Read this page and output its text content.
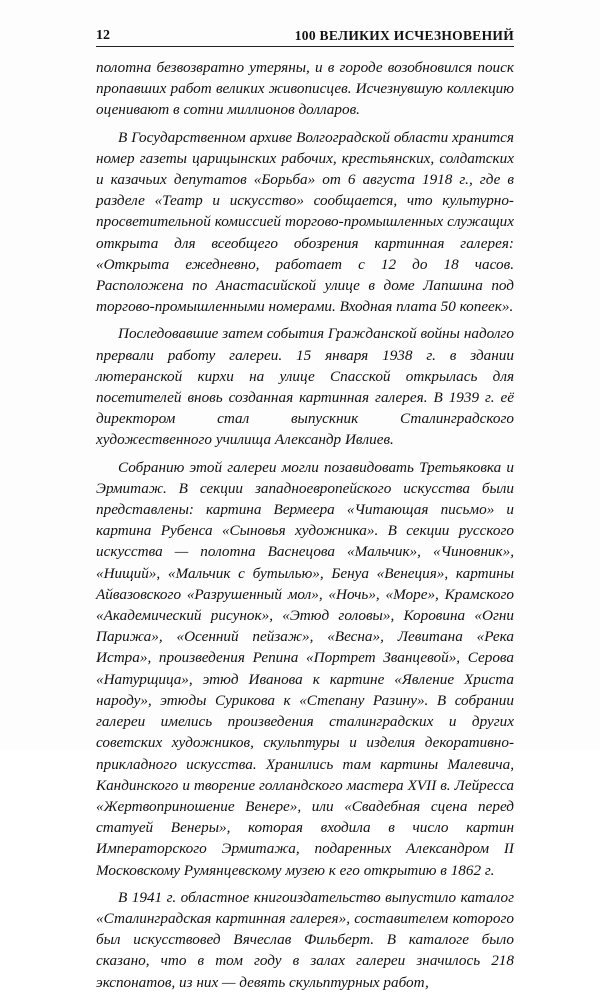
12	100 ВЕЛИКИХ ИСЧЕЗНОВЕНИЙ

полотна безвозвратно утеряны, и в городе возобновился поиск пропавших работ великих живописцев. Исчезнувшую коллекцию оценивают в сотни миллионов долларов.

В Государственном архиве Волгоградской области хранится номер газеты царицынских рабочих, крестьянских, солдатских и казачьих депутатов «Борьба» от 6 августа 1918 г., где в разделе «Театр и искусство» сообщается, что культурно-просветительной комиссией торгово-промышленных служащих открыта для всеобщего обозрения картинная галерея: «Открыта ежедневно, работает с 12 до 18 часов. Расположена по Анастасийской улице в доме Лапшина под торгово-промышленными номерами. Входная плата 50 копеек».

Последовавшие затем события Гражданской войны надолго прервали работу галереи. 15 января 1938 г. в здании лютеранской кирхи на улице Спасской открылась для посетителей вновь созданная картинная галерея. В 1939 г. её директором стал выпускник Сталинградского художественного училища Александр Ивлиев.

Собранию этой галереи могли позавидовать Третьяковка и Эрмитаж. В секции западноевропейского искусства были представлены: картина Вермеера «Читающая письмо» и картина Рубенса «Сыновья художника». В секции русского искусства — полотна Васнецова «Мальчик», «Чиновник», «Нищий», «Мальчик с бутылью», Бенуа «Венеция», картины Айвазовского «Разрушенный мол», «Ночь», «Море», Крамского «Академический рисунок», «Этюд головы», Коровина «Огни Парижа», «Осенний пейзаж», «Весна», Левитана «Река Истра», произведения Репина «Портрет Званцевой», Серова «Натурщица», этюд Иванова к картине «Явление Христа народу», этюды Сурикова к «Степану Разину». В собрании галереи имелись произведения сталинградских и других советских художников, скульптуры и изделия декоративно-прикладного искусства. Хранились там картины Малевича, Кандинского и творение голландского мастера XVII в. Лейресса «Жертвоприношение Венере», или «Свадебная сцена перед статуей Венеры», которая входила в число картин Императорского Эрмитажа, подаренных Александром II Московскому Румянцевскому музею к его открытию в 1862 г.

В 1941 г. областное книгоиздательство выпустило каталог «Сталинградская картинная галерея», составителем которого был искусствовед Вячеслав Фильберт. В каталоге было сказано, что в том году в залах галереи значилось 218 экспонатов, из них — девять скульптурных работ,
